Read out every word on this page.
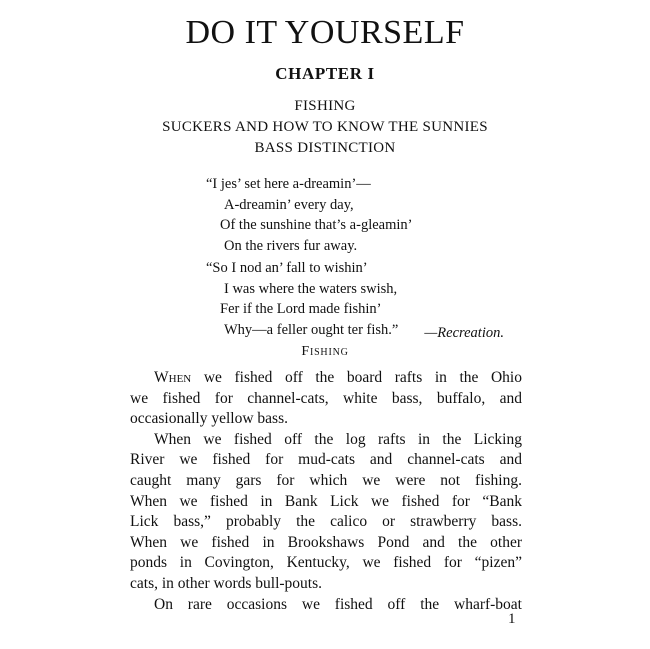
DO IT YOURSELF
CHAPTER I
FISHING
SUCKERS AND HOW TO KNOW THE SUNNIES
BASS DISTINCTION
“I jes’ set here a-dreamin’—
A-dreamin’ every day,
Of the sunshine that’s a-gleamin’
On the rivers fur away.
“So I nod an’ fall to wishin’
I was where the waters swish,
Fer if the Lord made fishin’
Why—a feller ought ter fish.”	—Recreation.
Fishing
When we fished off the board rafts in the Ohio
we fished for channel-cats, white bass, buffalo, and
occasionally yellow bass.
When we fished off the log rafts in the Licking
River we fished for mud-cats and channel-cats and
caught many gars for which we were not fishing.
When we fished in Bank Lick we fished for “Bank
Lick bass,” probably the calico or strawberry bass.
When we fished in Brookshaws Pond and the other
ponds in Covington, Kentucky, we fished for “pizen”
cats, in other words bull-pouts.
On rare occasions we fished off the wharf-boat
1
